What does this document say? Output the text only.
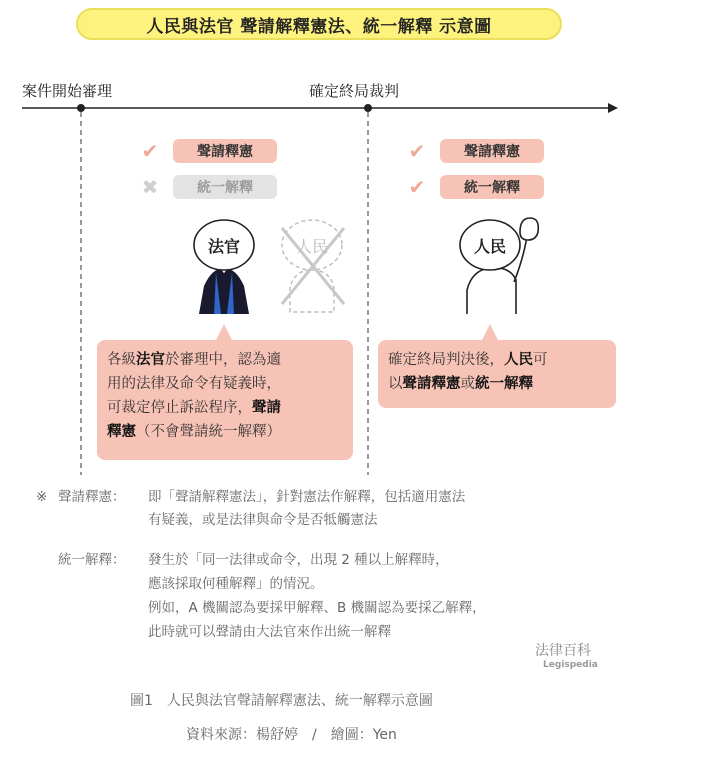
人民與法官 聲請解釋憲法、統一解釋 示意圖
案件開始審理	確定終局裁判
✔	聲請釋憲
✖	統一解釋
✔	聲請釋憲
✔	統一解釋
法官	人民	人民
各級法官於審理中，認為適
用的法律及命令有疑義時，
可裁定停止訴訟程序，聲請
釋憲（不會聲請統一解釋）
確定終局判決後，人民可
以聲請釋憲或統一解釋
※ 聲請釋憲： 即「聲請解釋憲法」，針對憲法作解釋，包括適用憲法
有疑義，或是法律與命令是否牴觸憲法
統一解釋： 發生於「同一法律或命令，出現 2 種以上解釋時，
應該採取何種解釋」的情況。
例如，A 機關認為要採甲解釋、B 機關認為要採乙解釋，
此時就可以聲請由大法官來作出統一解釋
法律百科
Legispedia
圖1　人民與法官聲請解釋憲法、統一解釋示意圖
資料來源：楊舒婷　/　繪圖：Yen
